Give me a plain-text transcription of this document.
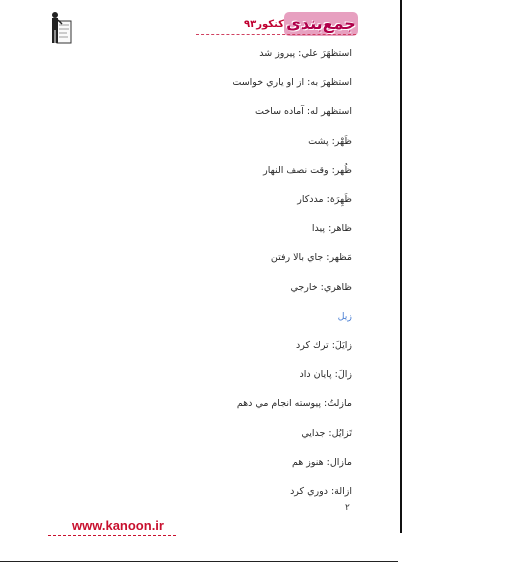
جمع‌بندی
کنکور۹۳
استظهَرَ علي: پيروز شد
استظهرَ به: از او ياري خواست
استظهر له: آماده ساخت
ظَهْر: پشت
ظُهر: وقت نصف النهار
ظَهِرَة: مددكار
ظاهر: پيدا
مَظهر: جاي بالا رفتن
ظاهري: خارجي
زيل
زايَلَ: ترك كرد
زالَ: پايان داد
مازلتُ: پيوسته انجام مي دهم
تَزايُل: جدايي
مازال: هنوز هم
ازالة: دوري كرد
۲
www.kanoon.ir
